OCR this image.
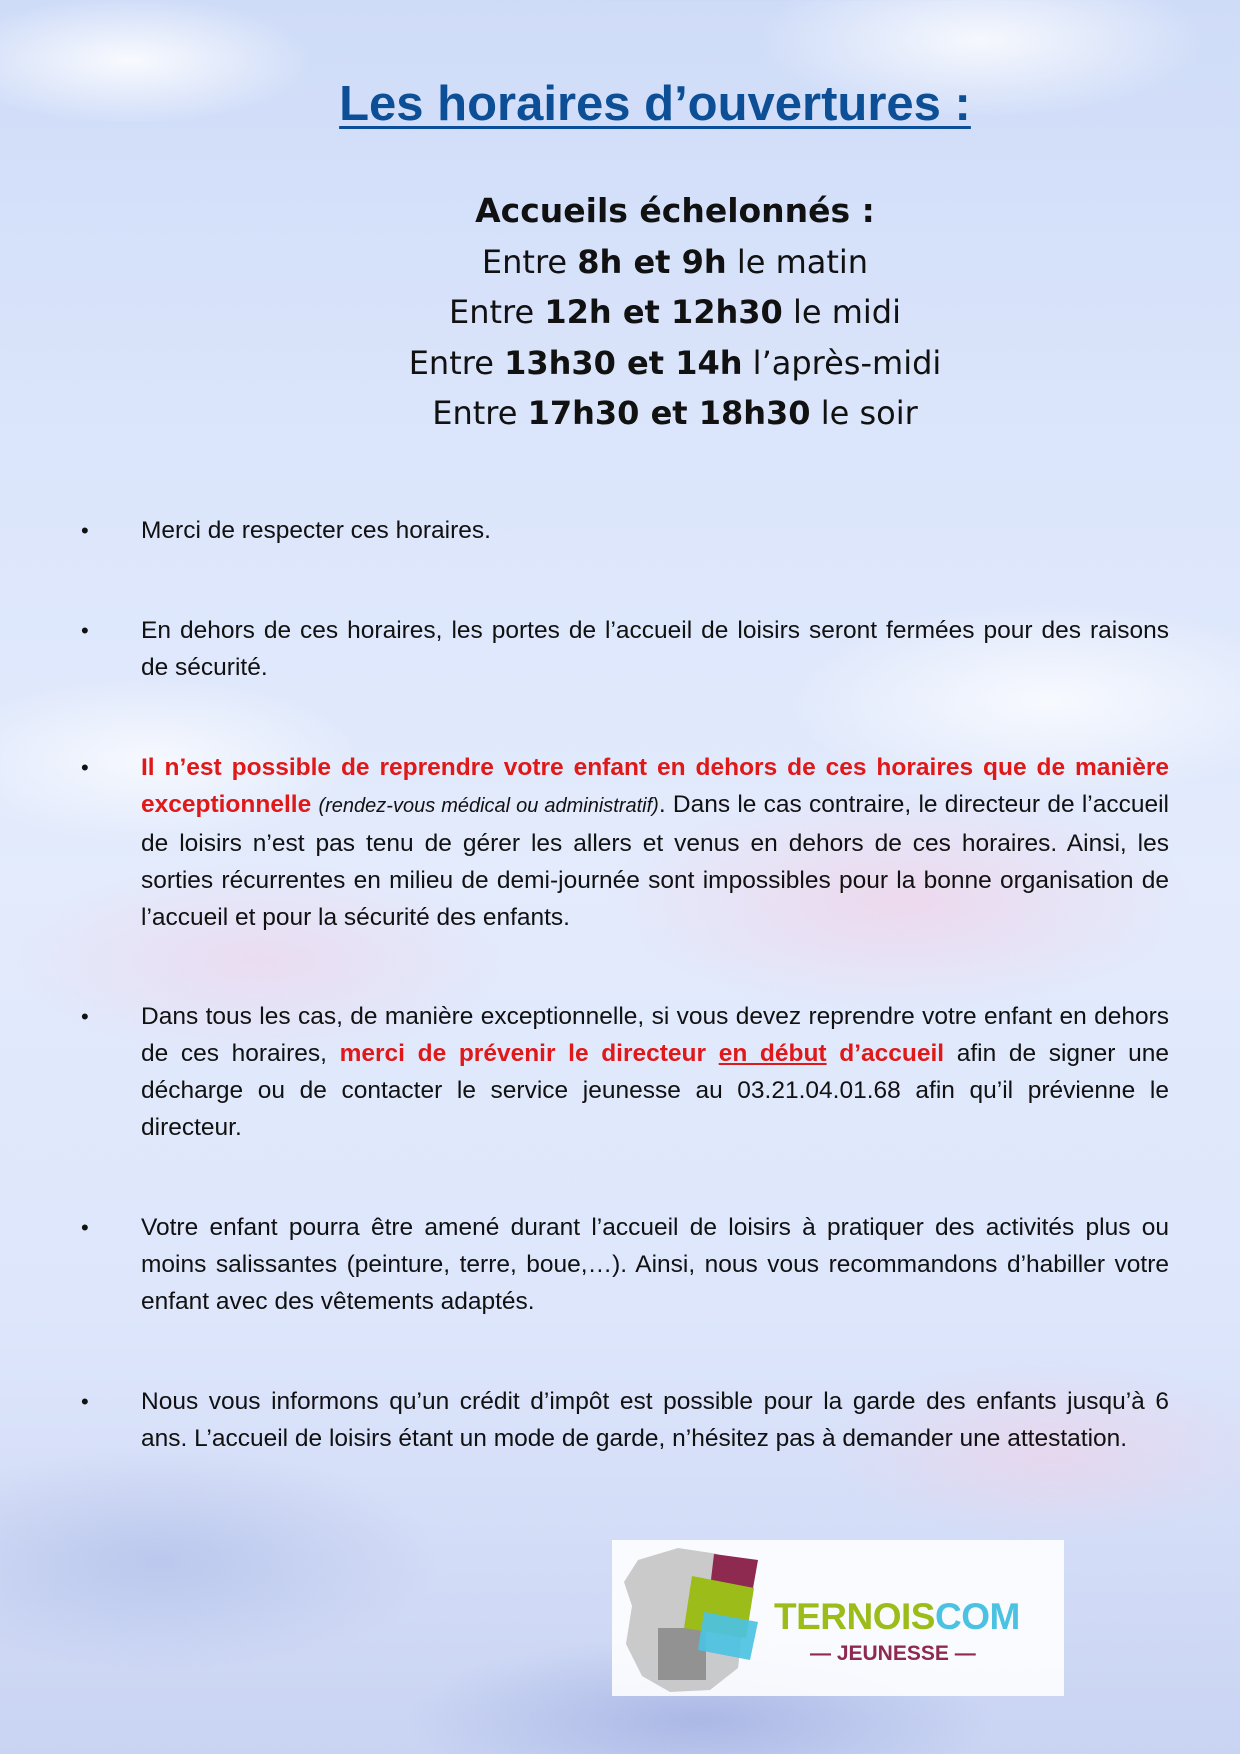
Les horaires d’ouvertures :
Accueils échelonnés :
Entre 8h et 9h le matin
Entre 12h et 12h30 le midi
Entre 13h30 et 14h l’après-midi
Entre 17h30 et 18h30 le soir
• Merci de respecter ces horaires.
• En dehors de ces horaires, les portes de l’accueil de loisirs seront fermées pour des raisons de sécurité.
• Il n’est possible de reprendre votre enfant en dehors de ces horaires que de manière exceptionnelle (rendez-vous médical ou administratif). Dans le cas contraire, le directeur de l’accueil de loisirs n’est pas tenu de gérer les allers et venus en dehors de ces horaires. Ainsi, les sorties récurrentes en milieu de demi-journée sont impossibles pour la bonne organisation de l’accueil et pour la sécurité des enfants.
• Dans tous les cas, de manière exceptionnelle, si vous devez reprendre votre enfant en dehors de ces horaires, merci de prévenir le directeur en début d’accueil afin de signer une décharge ou de contacter le service jeunesse au 03.21.04.01.68 afin qu’il prévienne le directeur.
• Votre enfant pourra être amené durant l’accueil de loisirs à pratiquer des activités plus ou moins salissantes (peinture, terre, boue,…). Ainsi, nous vous recommandons d’habiller votre enfant avec des vêtements adaptés.
• Nous vous informons qu’un crédit d’impôt est possible pour la garde des enfants jusqu’à 6 ans. L’accueil de loisirs étant un mode de garde, n’hésitez pas à demander une attestation.
TERNOISCOM
— JEUNESSE —
